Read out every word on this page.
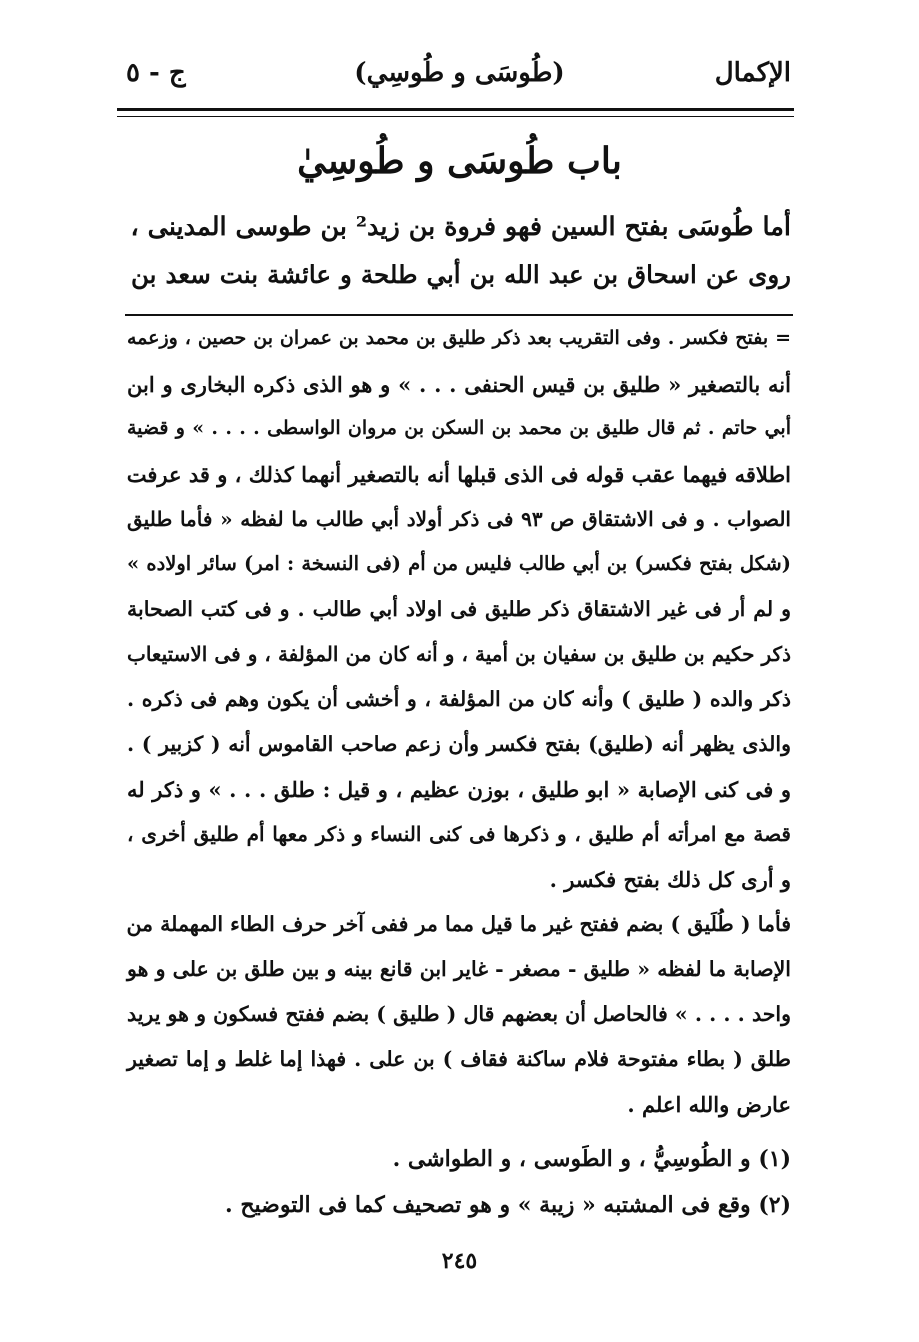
الإكمال
(طُوسَى و طُوسِي)
ج - ٥
باب طُوسَى و طُوسِيٰ
أما طُوسَى بفتح السين فهو فروة بن زيد² بن طوسى المدينى ،
روى عن اسحاق بن عبد الله بن أبي طلحة و عائشة بنت سعد بن
= بفتح فكسر . وفى التقريب بعد ذكر طليق بن محمد بن عمران بن حصين ، وزعمه
أنه بالتصغير « طليق بن قيس الحنفى . . . » و هو الذى ذكره البخارى و ابن
أبي حاتم . ثم قال طليق بن محمد بن السكن بن مروان الواسطى . . . . » و قضية
اطلاقه فيهما عقب قوله فى الذى قبلها أنه بالتصغير أنهما كذلك ، و قد عرفت
الصواب . و فى الاشتقاق ص ٩٣ فى ذكر أولاد أبي طالب ما لفظه « فأما طليق
(شكل بفتح فكسر) بن أبي طالب فليس من أم (فى النسخة : امر) سائر اولاده »
و لم أر فى غير الاشتقاق ذكر طليق فى اولاد أبي طالب . و فى كتب الصحابة
ذكر حكيم بن طليق بن سفيان بن أمية ، و أنه كان من المؤلفة ، و فى الاستيعاب
ذكر والده ( طليق ) وأنه كان من المؤلفة ، و أخشى أن يكون وهم فى ذكره .
والذى يظهر أنه (طليق) بفتح فكسر وأن زعم صاحب القاموس أنه ( كزبير ) .
و فى كنى الإصابة « ابو طليق ، بوزن عظيم ، و قيل : طلق . . . » و ذكر له
قصة مع امرأته أم طليق ، و ذكرها فى كنى النساء و ذكر معها أم طليق أخرى ،
و أرى كل ذلك بفتح فكسر .
فأما ( طُلَيق ) بضم ففتح غير ما قيل مما مر ففى آخر حرف الطاء المهملة من
الإصابة ما لفظه « طليق - مصغر - غاير ابن قانع بينه و بين طلق بن على و هو
واحد . . . . » فالحاصل أن بعضهم قال ( طليق ) بضم ففتح فسكون و هو يريد
طلق ( بطاء مفتوحة فلام ساكنة فقاف ) بن على . فهذا إما غلط و إما تصغير
عارض والله اعلم .
(١) و الطُوسِيُّ ، و الطَوسى ، و الطواشى .
(٢) وقع فى المشتبه « زيبة » و هو تصحيف كما فى التوضيح .
٢٤٥
